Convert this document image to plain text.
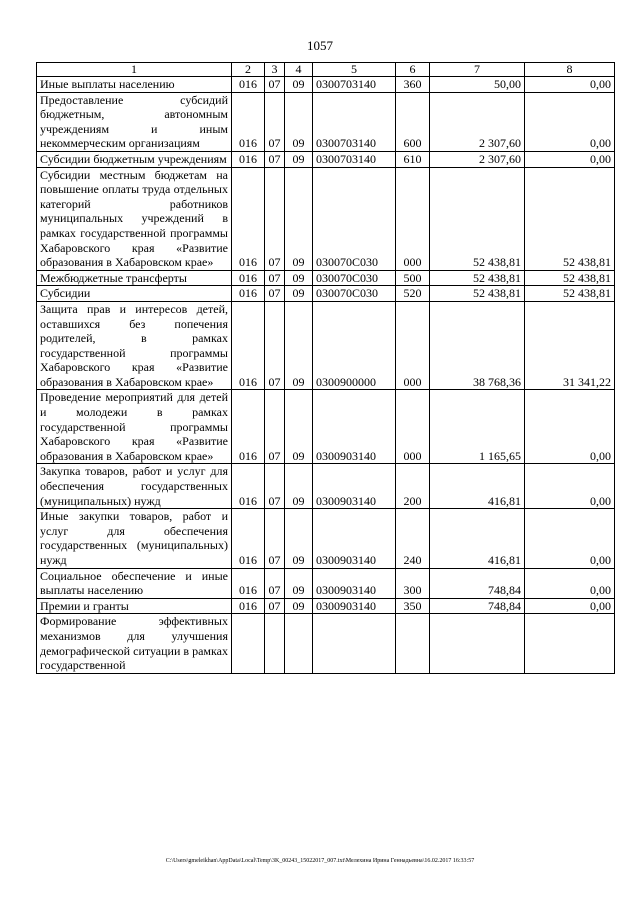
1057
1	2	3	4	5	6	7	8
Иные выплаты населению	016	07	09	0300703140	360	50,00	0,00
Предоставление субсидий бюджетным, автономным учреждениям и иным некоммерческим организациям	016	07	09	0300703140	600	2 307,60	0,00
Субсидии бюджетным учреждениям	016	07	09	0300703140	610	2 307,60	0,00
Субсидии местным бюджетам на повышение оплаты труда отдельных категорий работников муниципальных учреждений в рамках государственной программы Хабаровского края «Развитие образования в Хабаровском крае»	016	07	09	030070С030	000	52 438,81	52 438,81
Межбюджетные трансферты	016	07	09	030070С030	500	52 438,81	52 438,81
Субсидии	016	07	09	030070С030	520	52 438,81	52 438,81
Защита прав и интересов детей, оставшихся без попечения родителей, в рамках государственной программы Хабаровского края «Развитие образования в Хабаровском крае»	016	07	09	0300900000	000	38 768,36	31 341,22
Проведение мероприятий для детей и молодежи в рамках государственной программы Хабаровского края «Развитие образования в Хабаровском крае»	016	07	09	0300903140	000	1 165,65	0,00
Закупка товаров, работ и услуг для обеспечения государственных (муниципальных) нужд	016	07	09	0300903140	200	416,81	0,00
Иные закупки товаров, работ и услуг для обеспечения государственных (муниципальных) нужд	016	07	09	0300903140	240	416,81	0,00
Социальное обеспечение и иные выплаты населению	016	07	09	0300903140	300	748,84	0,00
Премии и гранты	016	07	09	0300903140	350	748,84	0,00
Формирование эффективных механизмов для улучшения демографической ситуации в рамках государственной							
C:\Users\gmeleikhan\AppData\Local\Temp\3K_00243_15022017_007.txt\Мелехина Ирина Геннадьевна\16.02.2017 16:33:57
